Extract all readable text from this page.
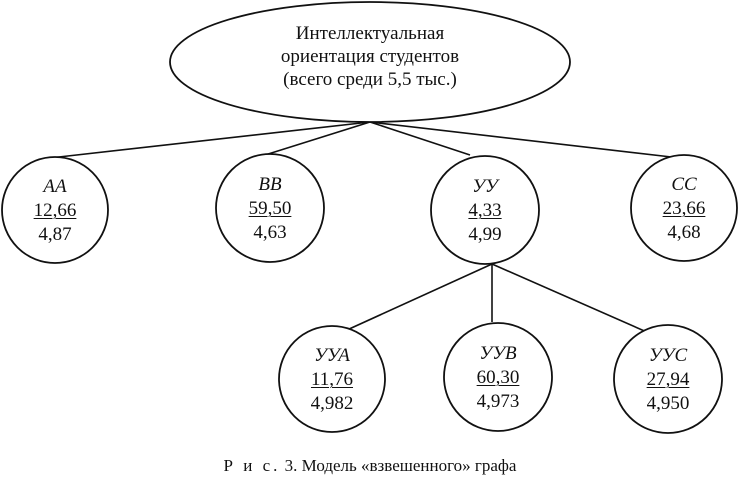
Интеллектуальная
ориентация студентов
(всего среди 5,5 тыс.)
АА
12,66
4,87
ВВ
59,50
4,63
УУ
4,33
4,99
СС
23,66
4,68
УУА
11,76
4,982
УУВ
60,30
4,973
УУС
27,94
4,950
Р и с. 3. Модель «взвешенного» графа
